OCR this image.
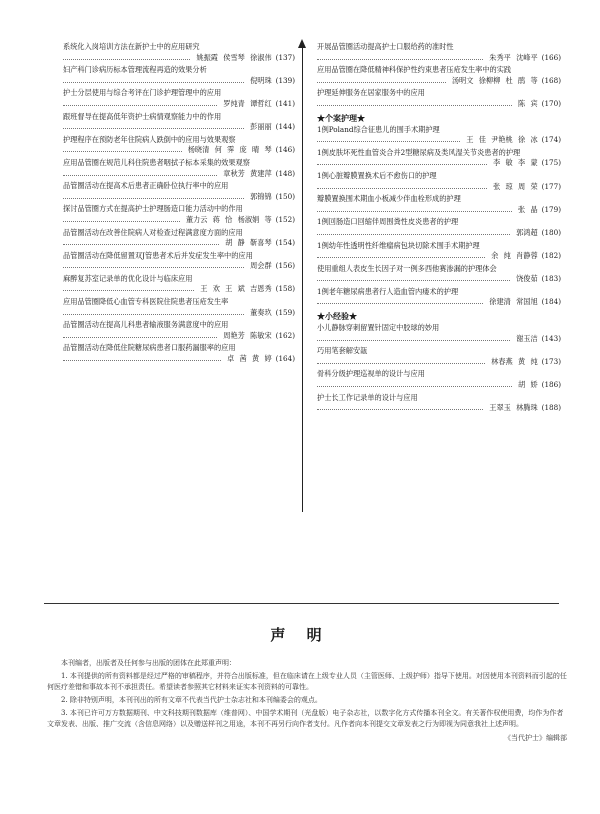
系统化入岗培训方法在新护士中的应用研究
姚振霞 侯雪琴 徐淑伟 (137)
妇产科门诊病历标本管理流程再造的效果分析
倪明珠 (139)
护士分层使用与综合考评在门诊护理管理中的应用
罗纯青 谭哲红 (141)
跟班督导在提高低年资护士病情观察能力中的作用
彭丽丽 (144)
护理程序在预防老年住院病人跌倒中的应用与效果观察
杨晓清 何 霁 庞 晴 琴 (146)
应用品管圈在规范儿科住院患者咽拭子标本采集的效果观察
章秋芳 黄建萍 (148)
品管圈活动在提高术后患者正确卧位执行率中的应用
郭锦锦 (150)
探讨品管圈方式在提高护士护理肠造口能力活动中的作用
董力云 蒋 恰 杨淑娟 等 (152)
品管圈活动在改善住院病人对检查过程满意度方面的应用
胡 静 靳喜琴 (154)
品管圈活动在降低留置双J管患者术后并发症发生率中的应用
周会群 (156)
麻醉复苏室记录单的优化设计与临床应用
王 欢 王 斌 吉恩秀 (158)
应用品管圈降低心血管专科医院住院患者压疮发生率
董奏玖 (159)
品管圈活动在提高儿科患者输液服务满意度中的应用
周艳芳 陈敏宋 (162)
品管圈活动在降低住院糖尿病患者口服药漏服率的应用
卓 茜 黄 婷 (164)
开展品管圈活动提高护士口服给药的准时性
朱秀平 沈峰平 (166)
应用品管圈在降低精神科保护性约束患者压疮发生率中的实践
汤明文 徐柳柳 杜 鹃 等 (168)
护理延伸服务在居家服务中的应用
陈 宾 (170)
★个案护理★
1例Poland综合征患儿的围手术期护理
王 佳 尹艳桃 徐 冰 (174)
1例皮肤坏死性血管炎合并2型糖尿病及类风湿关节炎患者的护理
李 敏 李 蒙 (175)
1例心脏瓣膜置换术后不愈伤口的护理
张 琼 周 荣 (177)
瓣膜置换围术期血小板减少伴血栓形成的护理
张 晶 (179)
1例回肠造口回缩伴周围粪性皮炎患者的护理
郭鸿超 (180)
1例幼年性透明性纤维瘤病包块切除术围手术期护理
余 纯 肖静蓉 (182)
使用重组人表皮生长因子对一例多西他赛渗漏的护理体会
饶俊茹 (183)
1例老年糖尿病患者行人造血管内瘘术的护理
徐建清 常国旭 (184)
★小经验★
小儿静脉穿刺留置针固定中胶球的妙用
谢玉洁 (143)
巧用笔套解安瓿
林春燕 黄 纯 (173)
骨科分级护理巡视单的设计与应用
胡 娇 (186)
护士长工作记录单的设计与应用
王翠玉 林腾珠 (188)
声 明

本刊编者，出版者及任何参与出版的团体在此郑重声明：

1. 本刊提供的所有资料都是经过严格的审稿程序，并符合出版标准，但在临床请在上级专业人员（主管医师、上级护师）指导下使用。对因使用本刊资料而引起的任何医疗差错和事故本刊不承担责任。希望读者参照其它材料来证实本刊资料的可靠性。

2. 除非特别声明，本刊刊出的所有文章不代表当代护士杂志社和本刊编委会的观点。

3. 本刊已许可万方数据期刊、中文科技期刊数据库（维普网）、中国学术期刊（光盘版）电子杂志社，以数字化方式传播本刊全文。有关著作权使用费，均作为作者文章发表、出版、推广交流（含信息网络）以及赠送样刊之用途，本刊不再另行向作者支付。凡作者向本刊提交文章发表之行为即视为同意我社上述声明。

《当代护士》编辑部
